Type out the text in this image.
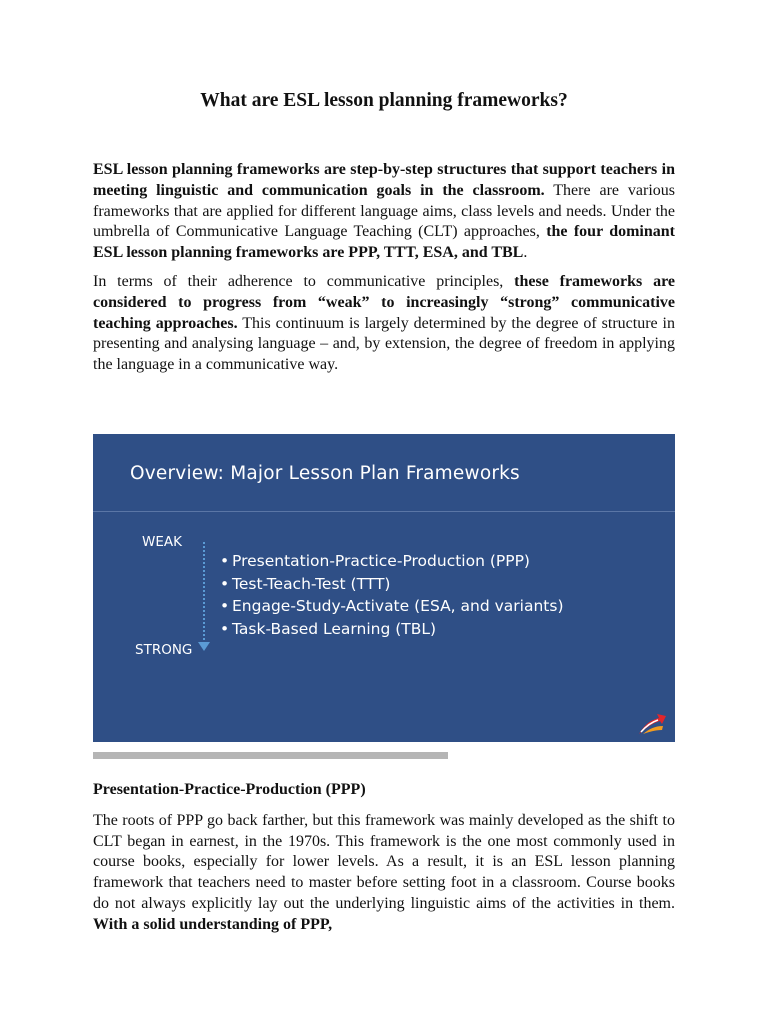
What are ESL lesson planning frameworks?

ESL lesson planning frameworks are step-by-step structures that support teachers in meeting linguistic and communication goals in the classroom. There are various frameworks that are applied for different language aims, class levels and needs. Under the umbrella of Communicative Language Teaching (CLT) approaches, the four dominant ESL lesson planning frameworks are PPP, TTT, ESA, and TBL.

In terms of their adherence to communicative principles, these frameworks are considered to progress from “weak” to increasingly “strong” communicative teaching approaches. This continuum is largely determined by the degree of structure in presenting and analysing language – and, by extension, the degree of freedom in applying the language in a communicative way.

Overview: Major Lesson Plan Frameworks
WEAK
STRONG
• Presentation-Practice-Production (PPP)
• Test-Teach-Test (TTT)
• Engage-Study-Activate (ESA, and variants)
• Task-Based Learning (TBL)
Presentation-Practice-Production (PPP)

The roots of PPP go back farther, but this framework was mainly developed as the shift to CLT began in earnest, in the 1970s. This framework is the one most commonly used in course books, especially for lower levels. As a result, it is an ESL lesson planning framework that teachers need to master before setting foot in a classroom. Course books do not always explicitly lay out the underlying linguistic aims of the activities in them. With a solid understanding of PPP,
